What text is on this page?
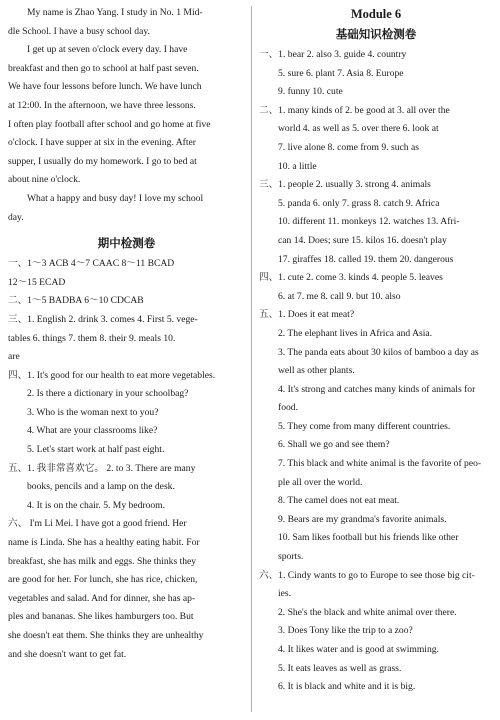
My name is Zhao Yang. I study in No. 1 Mid-
dle School. I have a busy school day.
I get up at seven o'clock every day. I have
breakfast and then go to school at half past seven.
We have four lessons before lunch. We have lunch
at 12:00. In the afternoon, we have three lessons.
I often play football after school and go home at five
o'clock. I have supper at six in the evening. After
supper, I usually do my homework. I go to bed at
about nine o'clock.
What a happy and busy day! I love my school
day.
期中检测卷
一、1～3 ACB 4～7 CAAC 8～11 BCAD
12～15 ECAD
二、1～5 BADBA 6～10 CDCAB
三、1. English 2. drink 3. comes 4. First 5. vege-
tables 6. things 7. them 8. their 9. meals 10.
are
四、1. It's good for our health to eat more vegetables.
2. Is there a dictionary in your schoolbag?
3. Who is the woman next to you?
4. What are your classrooms like?
5. Let's start work at half past eight.
五、1. 我非常喜欢它。 2. to 3. There are many
books, pencils and a lamp on the desk.
4. It is on the chair. 5. My bedroom.
六、 I'm Li Mei. I have got a good friend. Her
name is Linda. She has a healthy eating habit. For
breakfast, she has milk and eggs. She thinks they
are good for her. For lunch, she has rice, chicken,
vegetables and salad. And for dinner, she has ap-
ples and bananas. She likes hamburgers too. But
she doesn't eat them. She thinks they are unhealthy
and she doesn't want to get fat.
Module 6
基础知识检测卷
一、1. bear 2. also 3. guide 4. country
5. sure 6. plant 7. Asia 8. Europe
9. funny 10. cute
二、1. many kinds of 2. be good at 3. all over the
world 4. as well as 5. over there 6. look at
7. live alone 8. come from 9. such as
10. a little
三、1. people 2. usually 3. strong 4. animals
5. panda 6. only 7. grass 8. catch 9. Africa
10. different 11. monkeys 12. watches 13. Afri-
can 14. Does; sure 15. kilos 16. doesn't play
17. giraffes 18. called 19. them 20. dangerous
四、1. cute 2. come 3. kinds 4. people 5. leaves
6. at 7. me 8. call 9. but 10. also
五、1. Does it eat meat?
2. The elephant lives in Africa and Asia.
3. The panda eats about 30 kilos of bamboo a day as
well as other plants.
4. It's strong and catches many kinds of animals for
food.
5. They come from many different countries.
6. Shall we go and see them?
7. This black and white animal is the favorite of peo-
ple all over the world.
8. The camel does not eat meat.
9. Bears are my grandma's favorite animals.
10. Sam likes football but his friends like other
sports.
六、1. Cindy wants to go to Europe to see those big cit-
ies.
2. She's the black and white animal over there.
3. Does Tony like the trip to a zoo?
4. It likes water and is good at swimming.
5. It eats leaves as well as grass.
6. It is black and white and it is big.
